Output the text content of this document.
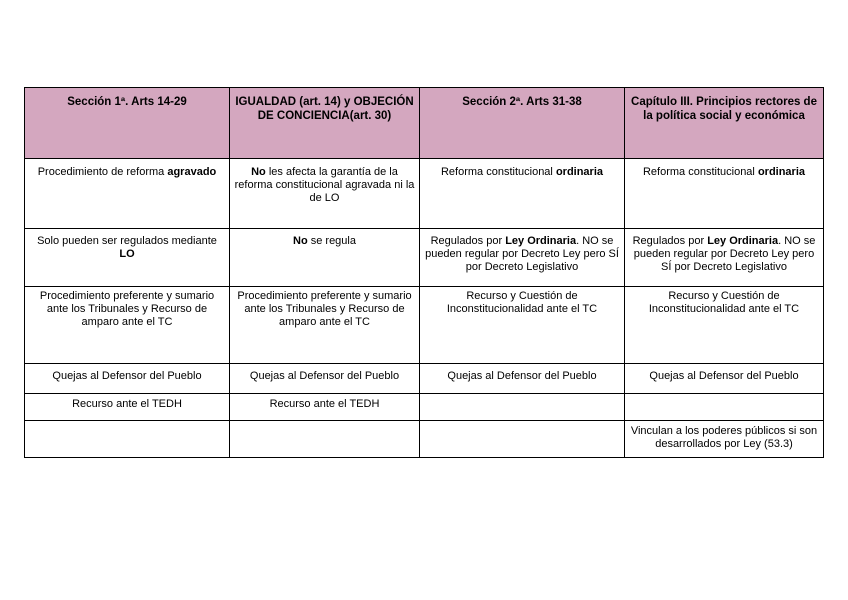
Sección 1ª. Arts 14-29	IGUALDAD (art. 14) y OBJECIÓN DE CONCIENCIA(art. 30)	Sección 2ª. Arts 31-38	Capítulo III. Principios rectores de la política social y económica
Procedimiento de reforma agravado	No les afecta la garantía de la reforma constitucional agravada ni la de LO	Reforma constitucional ordinaria	Reforma constitucional ordinaria
Solo pueden ser regulados mediante LO	No se regula	Regulados por Ley Ordinaria. NO se pueden regular por Decreto Ley pero SÍ por Decreto Legislativo	Regulados por Ley Ordinaria. NO se pueden regular por Decreto Ley pero SÍ por Decreto Legislativo
Procedimiento preferente y sumario ante los Tribunales y Recurso de amparo ante el TC	Procedimiento preferente y sumario ante los Tribunales y Recurso de amparo ante el TC	Recurso y Cuestión de Inconstitucionalidad ante el TC	Recurso y Cuestión de Inconstitucionalidad ante el TC
Quejas al Defensor del Pueblo	Quejas al Defensor del Pueblo	Quejas al Defensor del Pueblo	Quejas al Defensor del Pueblo
Recurso ante el TEDH	Recurso ante el TEDH		
			Vinculan a los poderes públicos si son desarrollados por Ley (53.3)
